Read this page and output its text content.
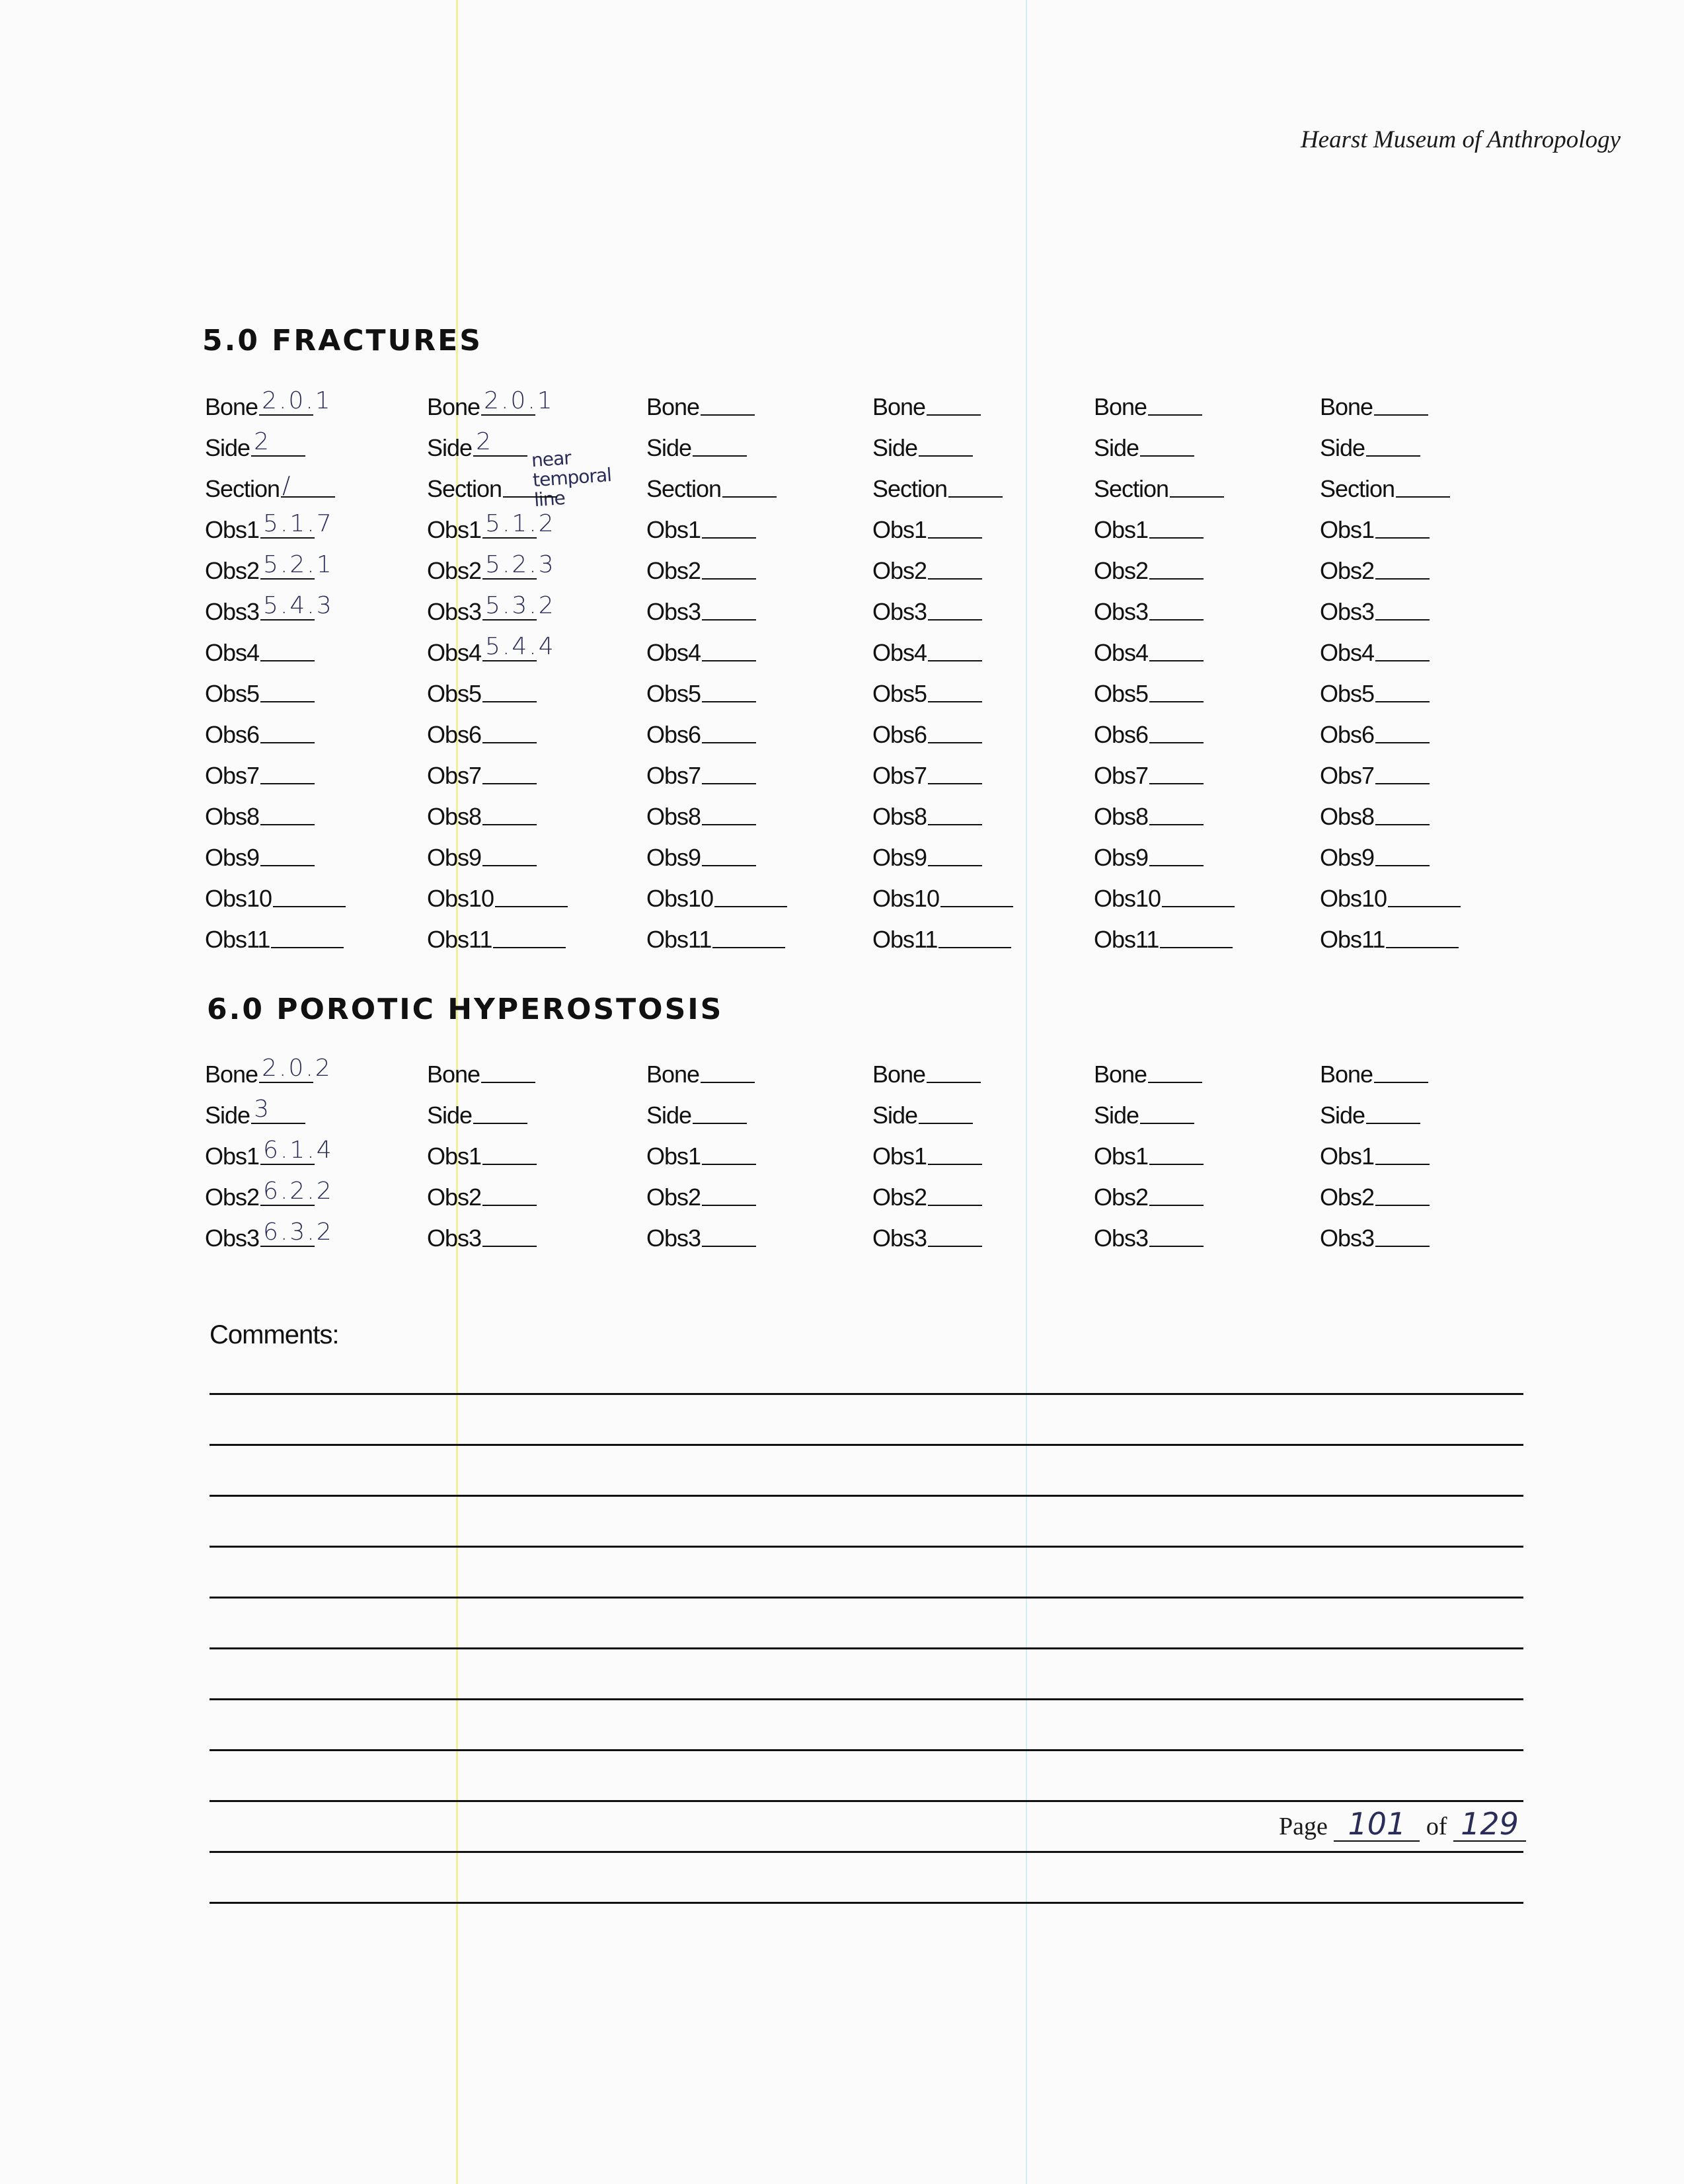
Hearst Museum of Anthropology
5.0 FRACTURES
Bone 2.0.1
Side 2
Section /
Obs1 5.1.7
Obs2 5.2.1
Obs3 5.4.3
Obs4
Obs5
Obs6
Obs7
Obs8
Obs9
Obs10
Obs11
Bone 2.0.1
Side 2
Section
near temporal line
Obs1 5.1.2
Obs2 5.2.3
Obs3 5.3.2
Obs4 5.4.4
Obs5
Obs6
Obs7
Obs8
Obs9
Obs10
Obs11
Bone
Side
Section
Obs1
Obs2
Obs3
Obs4
Obs5
Obs6
Obs7
Obs8
Obs9
Obs10
Obs11
Bone
Side
Section
Obs1
Obs2
Obs3
Obs4
Obs5
Obs6
Obs7
Obs8
Obs9
Obs10
Obs11
Bone
Side
Section
Obs1
Obs2
Obs3
Obs4
Obs5
Obs6
Obs7
Obs8
Obs9
Obs10
Obs11
Bone
Side
Section
Obs1
Obs2
Obs3
Obs4
Obs5
Obs6
Obs7
Obs8
Obs9
Obs10
Obs11
6.0 POROTIC HYPEROSTOSIS
Bone 2.0.2
Side 3
Obs1 6.1.4
Obs2 6.2.2
Obs3 6.3.2
Bone
Side
Obs1
Obs2
Obs3
Bone
Side
Obs1
Obs2
Obs3
Bone
Side
Obs1
Obs2
Obs3
Bone
Side
Obs1
Obs2
Obs3
Bone
Side
Obs1
Obs2
Obs3
Comments:
Page 101 of 129
